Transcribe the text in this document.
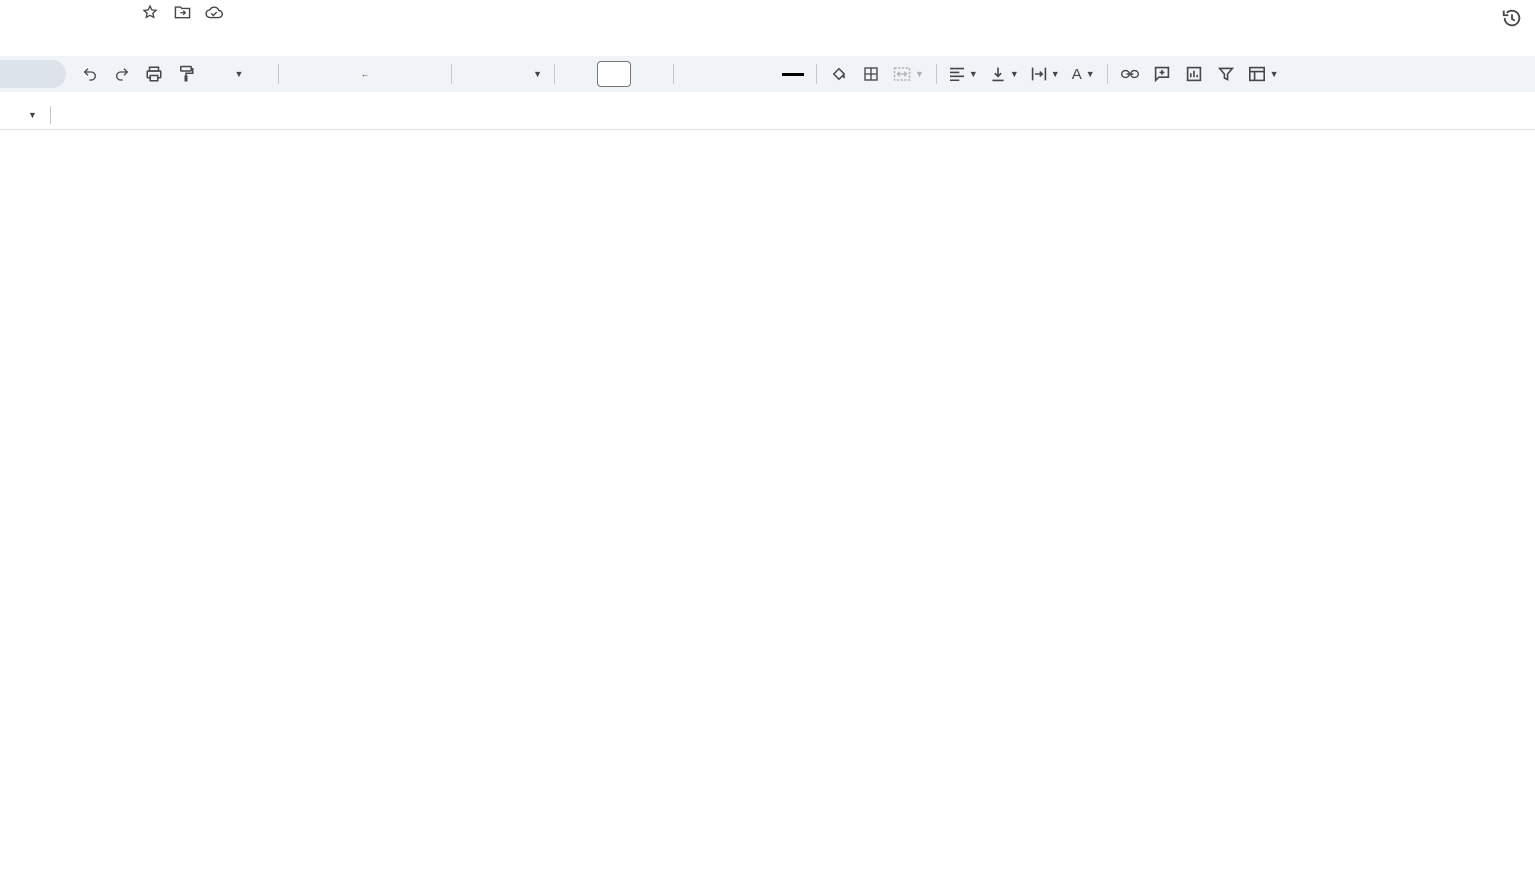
▼	←	▼	▼	▼	▼	▼ A ▼	▼
▼
